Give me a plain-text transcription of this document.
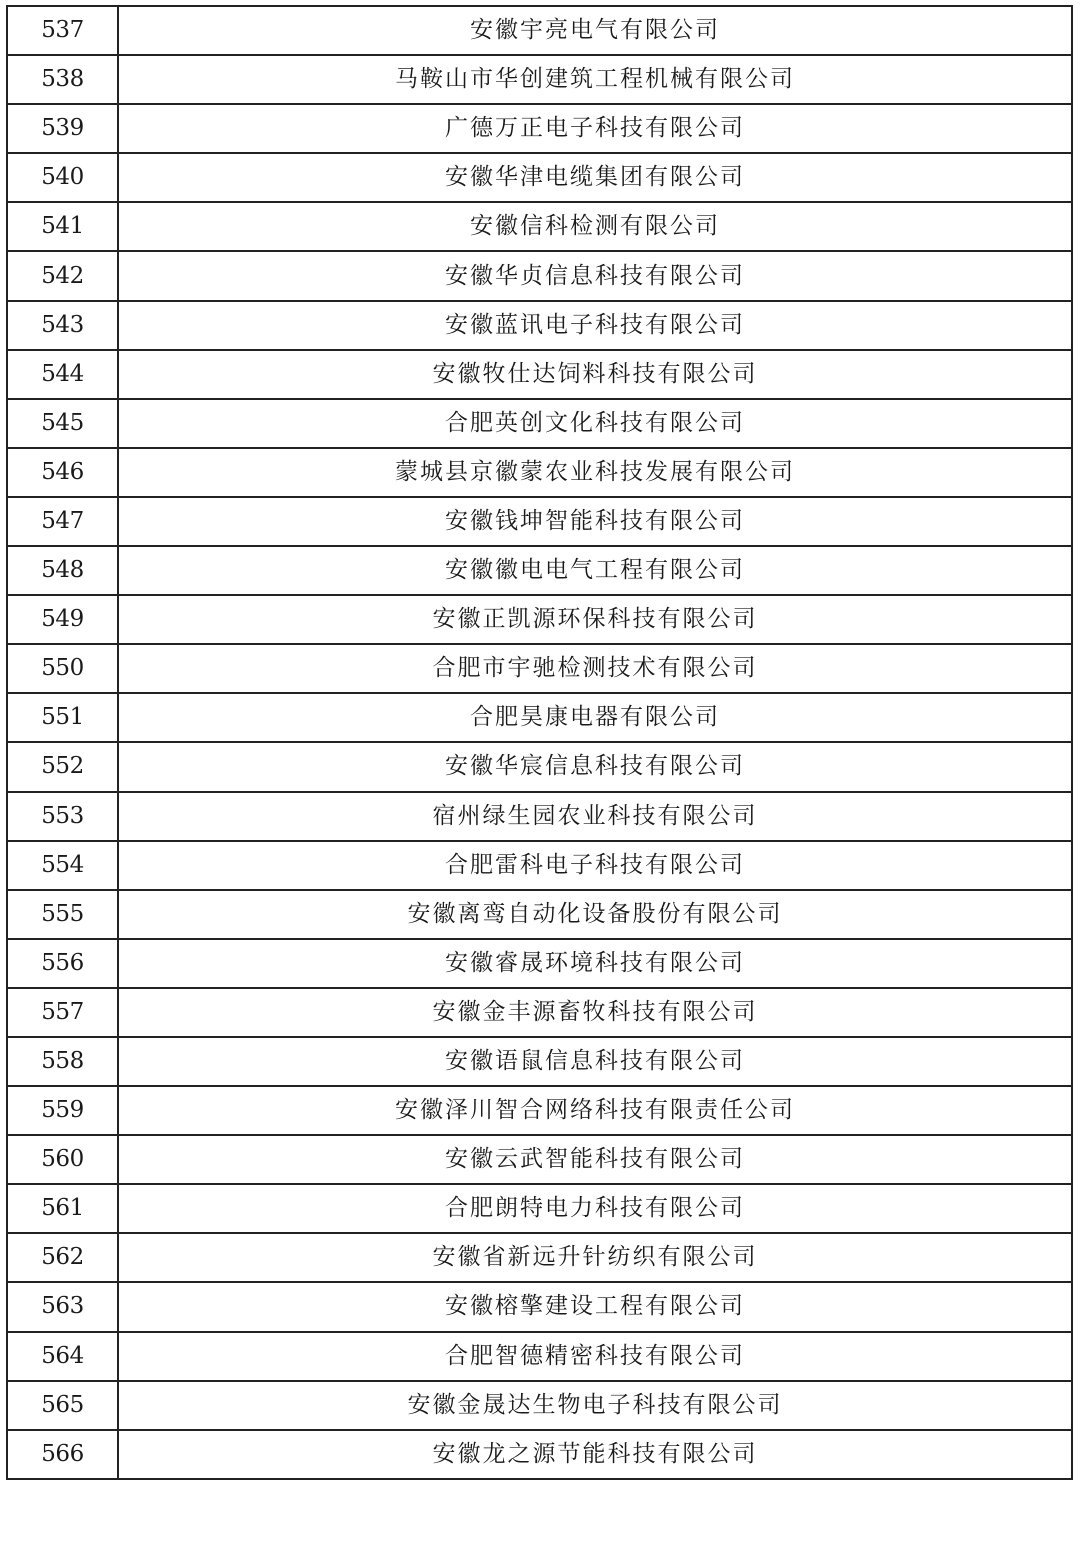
537	安徽宇亮电气有限公司
538	马鞍山市华创建筑工程机械有限公司
539	广德万正电子科技有限公司
540	安徽华津电缆集团有限公司
541	安徽信科检测有限公司
542	安徽华贞信息科技有限公司
543	安徽蓝讯电子科技有限公司
544	安徽牧仕达饲料科技有限公司
545	合肥英创文化科技有限公司
546	蒙城县京徽蒙农业科技发展有限公司
547	安徽钱坤智能科技有限公司
548	安徽徽电电气工程有限公司
549	安徽正凯源环保科技有限公司
550	合肥市宇驰检测技术有限公司
551	合肥昊康电器有限公司
552	安徽华宸信息科技有限公司
553	宿州绿生园农业科技有限公司
554	合肥雷科电子科技有限公司
555	安徽离鸾自动化设备股份有限公司
556	安徽睿晟环境科技有限公司
557	安徽金丰源畜牧科技有限公司
558	安徽语鼠信息科技有限公司
559	安徽泽川智合网络科技有限责任公司
560	安徽云武智能科技有限公司
561	合肥朗特电力科技有限公司
562	安徽省新远升针纺织有限公司
563	安徽榕擎建设工程有限公司
564	合肥智德精密科技有限公司
565	安徽金晟达生物电子科技有限公司
566	安徽龙之源节能科技有限公司
